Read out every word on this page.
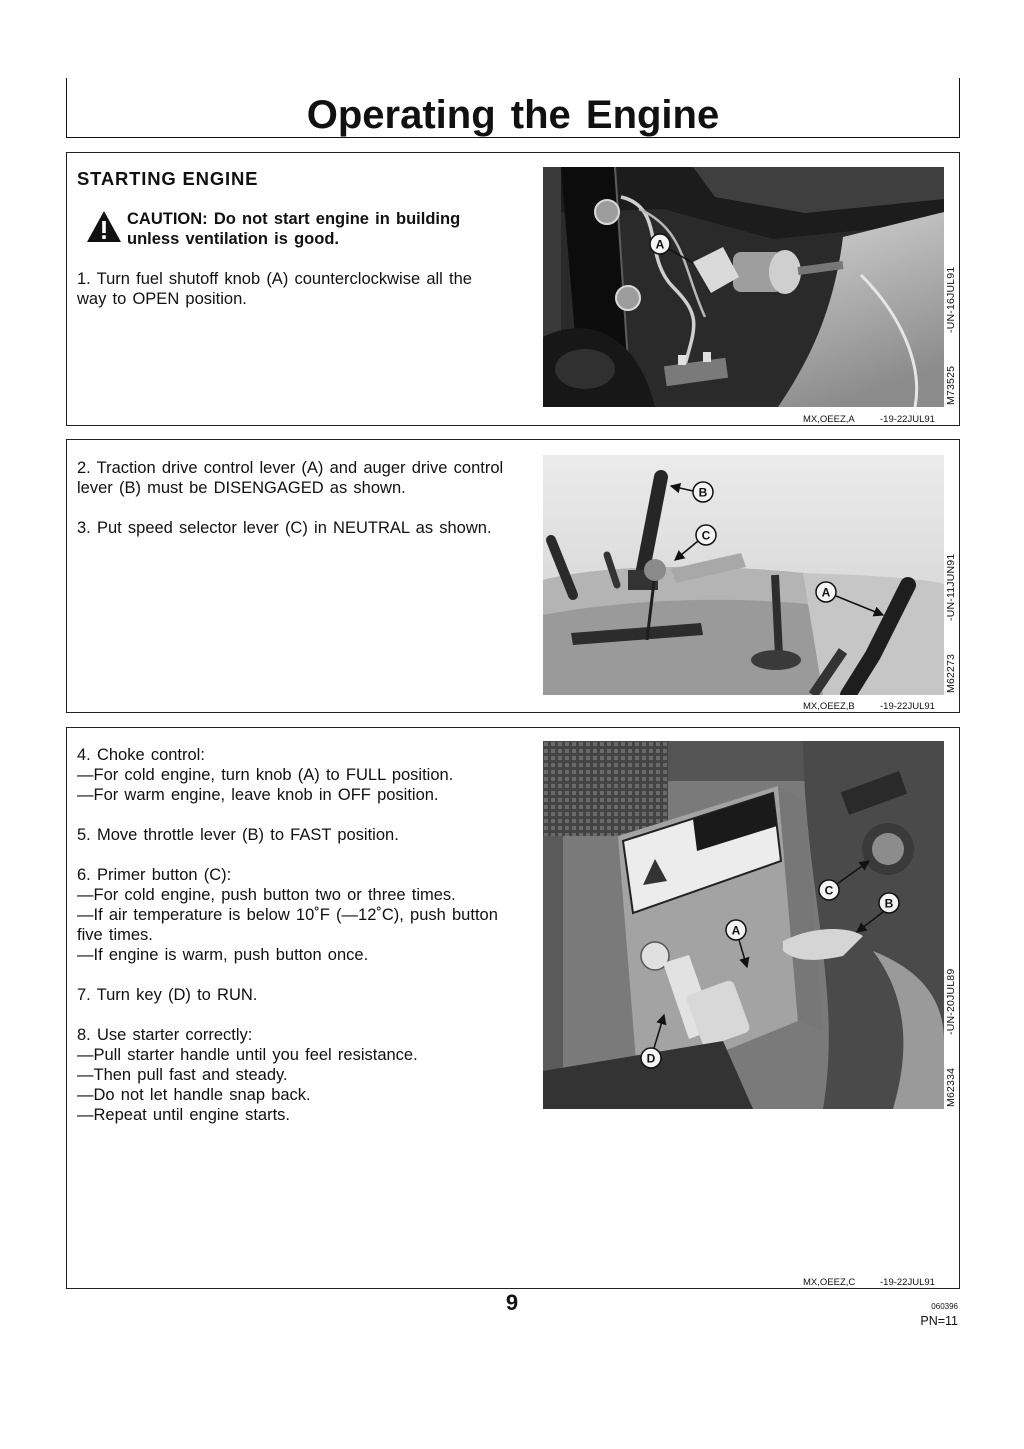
Operating the Engine
STARTING ENGINE
CAUTION: Do not start engine in building
unless ventilation is good.
1. Turn fuel shutoff knob (A) counterclockwise all the
way to OPEN position.
A
M73525-UN-16JUL91
MX,OEEZ,A	-19-22JUL91
2. Traction drive control lever (A) and auger drive control
lever (B) must be DISENGAGED as shown.
3. Put speed selector lever (C) in NEUTRAL as shown.
B
C
A
M62273-UN-11JUN91
MX,OEEZ,B	-19-22JUL91
4. Choke control:
—For cold engine, turn knob (A) to FULL position.
—For warm engine, leave knob in OFF position.
5. Move throttle lever (B) to FAST position.
6. Primer button (C):
—For cold engine, push button two or three times.
—If air temperature is below 10˚F (—12˚C), push button
five times.
—If engine is warm, push button once.
7. Turn key (D) to RUN.
8. Use starter correctly:
—Pull starter handle until you feel resistance.
—Then pull fast and steady.
—Do not let handle snap back.
—Repeat until engine starts.
C
B
A
D
M62334-UN-20JUL89
MX,OEEZ,C	-19-22JUL91
9	060396
PN=11
